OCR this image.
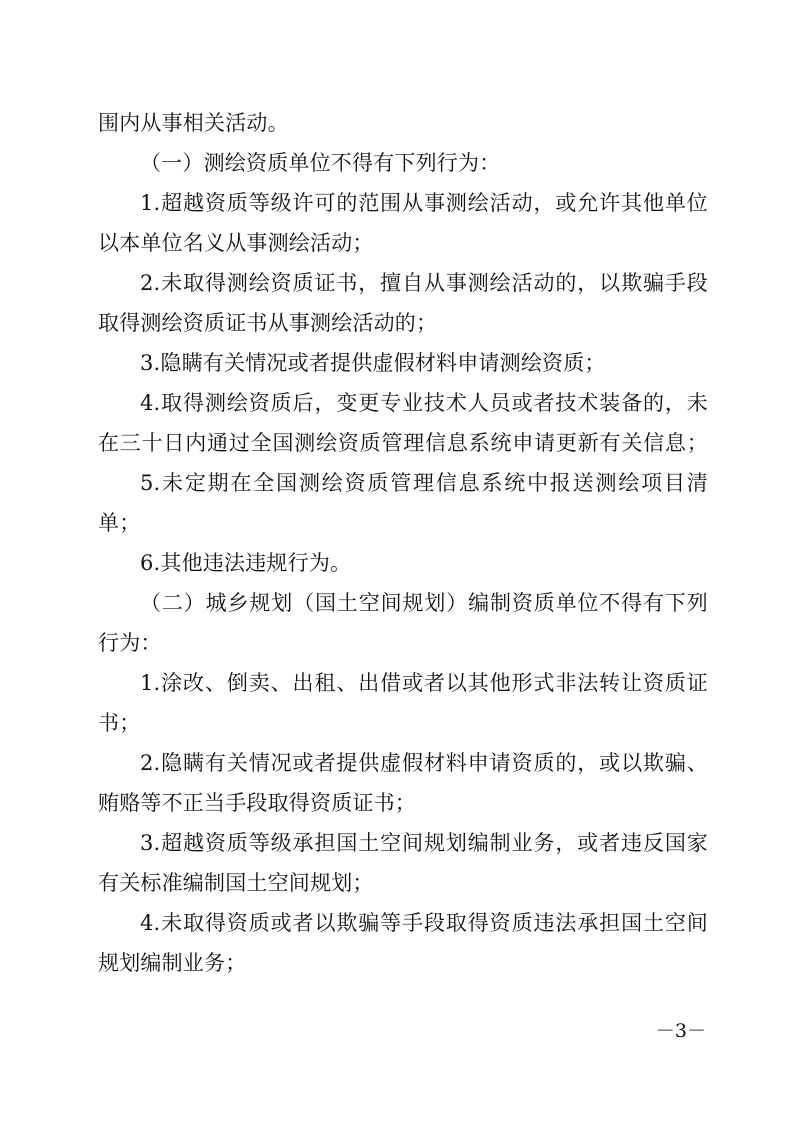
围内从事相关活动。

（一）测绘资质单位不得有下列行为：

1.超越资质等级许可的范围从事测绘活动，或允许其他单位

以本单位名义从事测绘活动；

2.未取得测绘资质证书，擅自从事测绘活动的，以欺骗手段

取得测绘资质证书从事测绘活动的；

3.隐瞒有关情况或者提供虚假材料申请测绘资质；

4.取得测绘资质后，变更专业技术人员或者技术装备的，未

在三十日内通过全国测绘资质管理信息系统申请更新有关信息；

5.未定期在全国测绘资质管理信息系统中报送测绘项目清

单；

6.其他违法违规行为。

（二）城乡规划（国土空间规划）编制资质单位不得有下列

行为：

1.涂改、倒卖、出租、出借或者以其他形式非法转让资质证

书；

2.隐瞒有关情况或者提供虚假材料申请资质的，或以欺骗、

贿赂等不正当手段取得资质证书；

3.超越资质等级承担国土空间规划编制业务，或者违反国家

有关标准编制国土空间规划；

4.未取得资质或者以欺骗等手段取得资质违法承担国土空间

规划编制业务；

－3－
